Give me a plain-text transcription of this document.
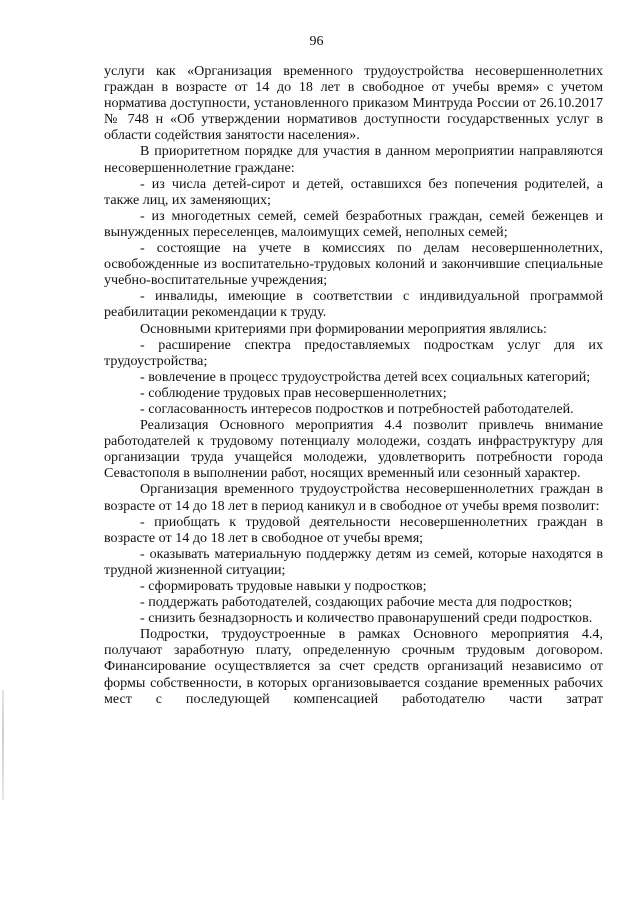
96

услуги как «Организация временного трудоустройства несовершеннолетних граждан в возрасте от 14 до 18 лет в свободное от учебы время» с учетом норматива доступности, установленного приказом Минтруда России от 26.10.2017 № 748 н «Об утверждении нормативов доступности государственных услуг в области содействия занятости населения».

В приоритетном порядке для участия в данном мероприятии направляются несовершеннолетние граждане:

- из числа детей-сирот и детей, оставшихся без попечения родителей, а также лиц, их заменяющих;

- из многодетных семей, семей безработных граждан, семей беженцев и вынужденных переселенцев, малоимущих семей, неполных семей;

- состоящие на учете в комиссиях по делам несовершеннолетних, освобожденные из воспитательно-трудовых колоний и закончившие специальные учебно-воспитательные учреждения;

- инвалиды, имеющие в соответствии с индивидуальной программой реабилитации рекомендации к труду.

Основными критериями при формировании мероприятия являлись:

- расширение спектра предоставляемых подросткам услуг для их трудоустройства;

- вовлечение в процесс трудоустройства детей всех социальных категорий;

- соблюдение трудовых прав несовершеннолетних;

- согласованность интересов подростков и потребностей работодателей.

Реализация Основного мероприятия 4.4 позволит привлечь внимание работодателей к трудовому потенциалу молодежи, создать инфраструктуру для организации труда учащейся молодежи, удовлетворить потребности города Севастополя в выполнении работ, носящих временный или сезонный характер.

Организация временного трудоустройства несовершеннолетних граждан в возрасте от 14 до 18 лет в период каникул и в свободное от учебы время позволит:

- приобщать к трудовой деятельности несовершеннолетних граждан в возрасте от 14 до 18 лет в свободное от учебы время;

- оказывать материальную поддержку детям из семей, которые находятся в трудной жизненной ситуации;

- сформировать трудовые навыки у подростков;

- поддержать работодателей, создающих рабочие места для подростков;

- снизить безнадзорность и количество правонарушений среди подростков.

Подростки, трудоустроенные в рамках Основного мероприятия 4.4, получают заработную плату, определенную срочным трудовым договором. Финансирование осуществляется за счет средств организаций независимо от формы собственности, в которых организовывается создание временных рабочих мест с последующей компенсацией работодателю части затрат
